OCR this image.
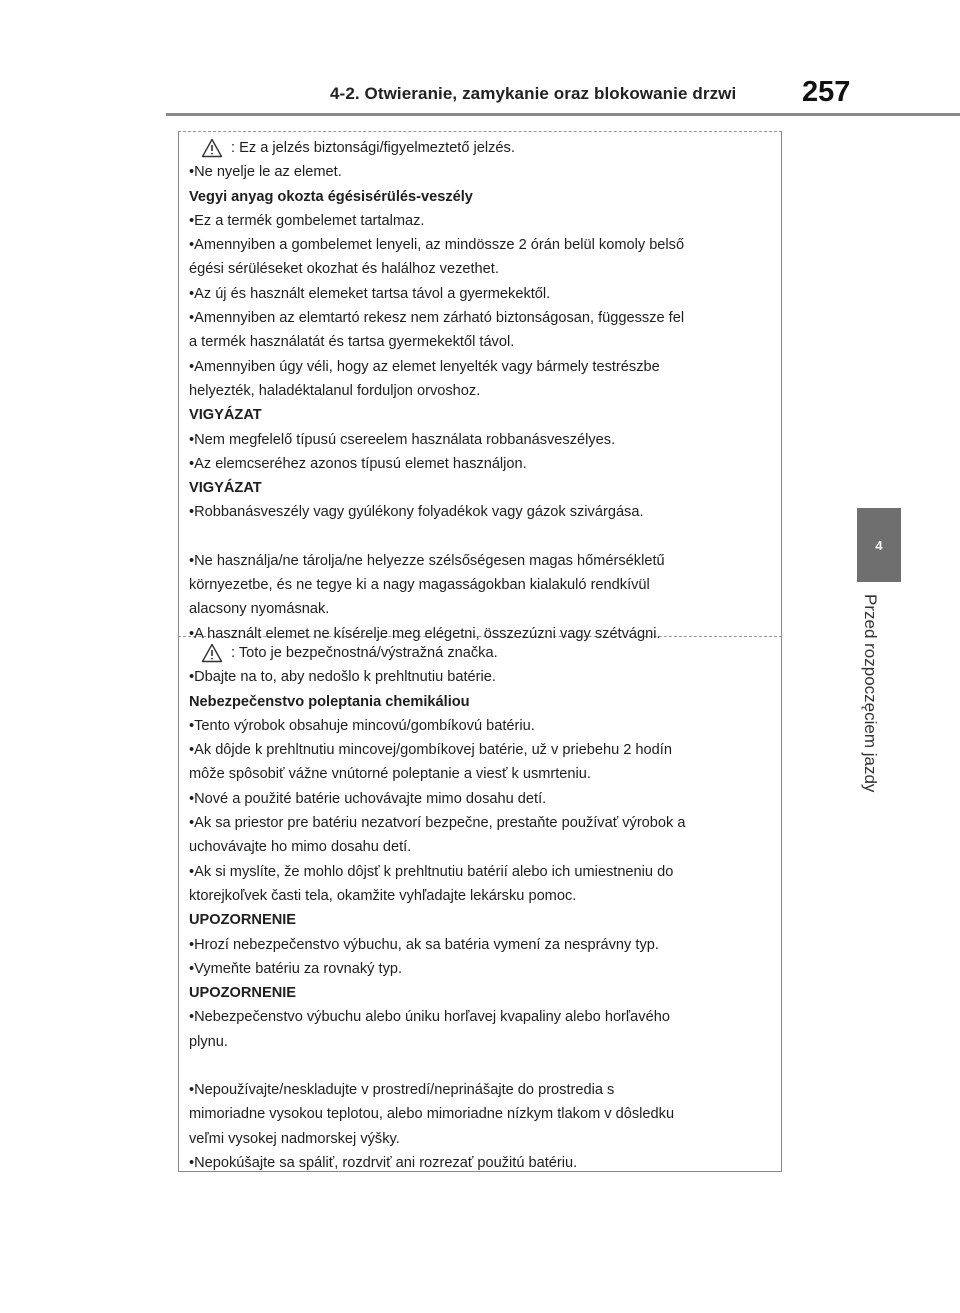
4-2. Otwieranie, zamykanie oraz blokowanie drzwi 257
4
Przed rozpoczęciem jazdy
: Ez a jelzés biztonsági/figyelmeztető jelzés.
•Ne nyelje le az elemet.
Vegyi anyag okozta égésisérülés-veszély
•Ez a termék gombelemet tartalmaz.
•Amennyiben a gombelemet lenyeli, az mindössze 2 órán belül komoly belső
égési sérüléseket okozhat és halálhoz vezethet.
•Az új és használt elemeket tartsa távol a gyermekektől.
•Amennyiben az elemtartó rekesz nem zárható biztonságosan, függessze fel
a termék használatát és tartsa gyermekektől távol.
•Amennyiben úgy véli, hogy az elemet lenyelték vagy bármely testrészbe
helyezték, haladéktalanul forduljon orvoshoz.
VIGYÁZAT
•Nem megfelelő típusú csereelem használata robbanásveszélyes.
•Az elemcseréhez azonos típusú elemet használjon.
VIGYÁZAT
•Robbanásveszély vagy gyúlékony folyadékok vagy gázok szivárgása.
•Ne használja/ne tárolja/ne helyezze szélsőségesen magas hőmérsékletű
környezetbe, és ne tegye ki a nagy magasságokban kialakuló rendkívül
alacsony nyomásnak.
•A használt elemet ne kísérelje meg elégetni, összezúzni vagy szétvágni.
: Toto je bezpečnostná/výstražná značka.
•Dbajte na to, aby nedošlo k prehltnutiu batérie.
Nebezpečenstvo poleptania chemikáliou
•Tento výrobok obsahuje mincovú/gombíkovú batériu.
•Ak dôjde k prehltnutiu mincovej/gombíkovej batérie, už v priebehu 2 hodín
môže spôsobiť vážne vnútorné poleptanie a viesť k usmrteniu.
•Nové a použité batérie uchovávajte mimo dosahu detí.
•Ak sa priestor pre batériu nezatvorí bezpečne, prestaňte používať výrobok a
uchovávajte ho mimo dosahu detí.
•Ak si myslíte, že mohlo dôjsť k prehltnutiu batérií alebo ich umiestneniu do
ktorejkoľvek časti tela, okamžite vyhľadajte lekársku pomoc.
UPOZORNENIE
•Hrozí nebezpečenstvo výbuchu, ak sa batéria vymení za nesprávny typ.
•Vymeňte batériu za rovnaký typ.
UPOZORNENIE
•Nebezpečenstvo výbuchu alebo úniku horľavej kvapaliny alebo horľavého
plynu.
•Nepoužívajte/neskladujte v prostredí/neprinášajte do prostredia s
mimoriadne vysokou teplotou, alebo mimoriadne nízkym tlakom v dôsledku
veľmi vysokej nadmorskej výšky.
•Nepokúšajte sa spáliť, rozdrviť ani rozrezať použitú batériu.
